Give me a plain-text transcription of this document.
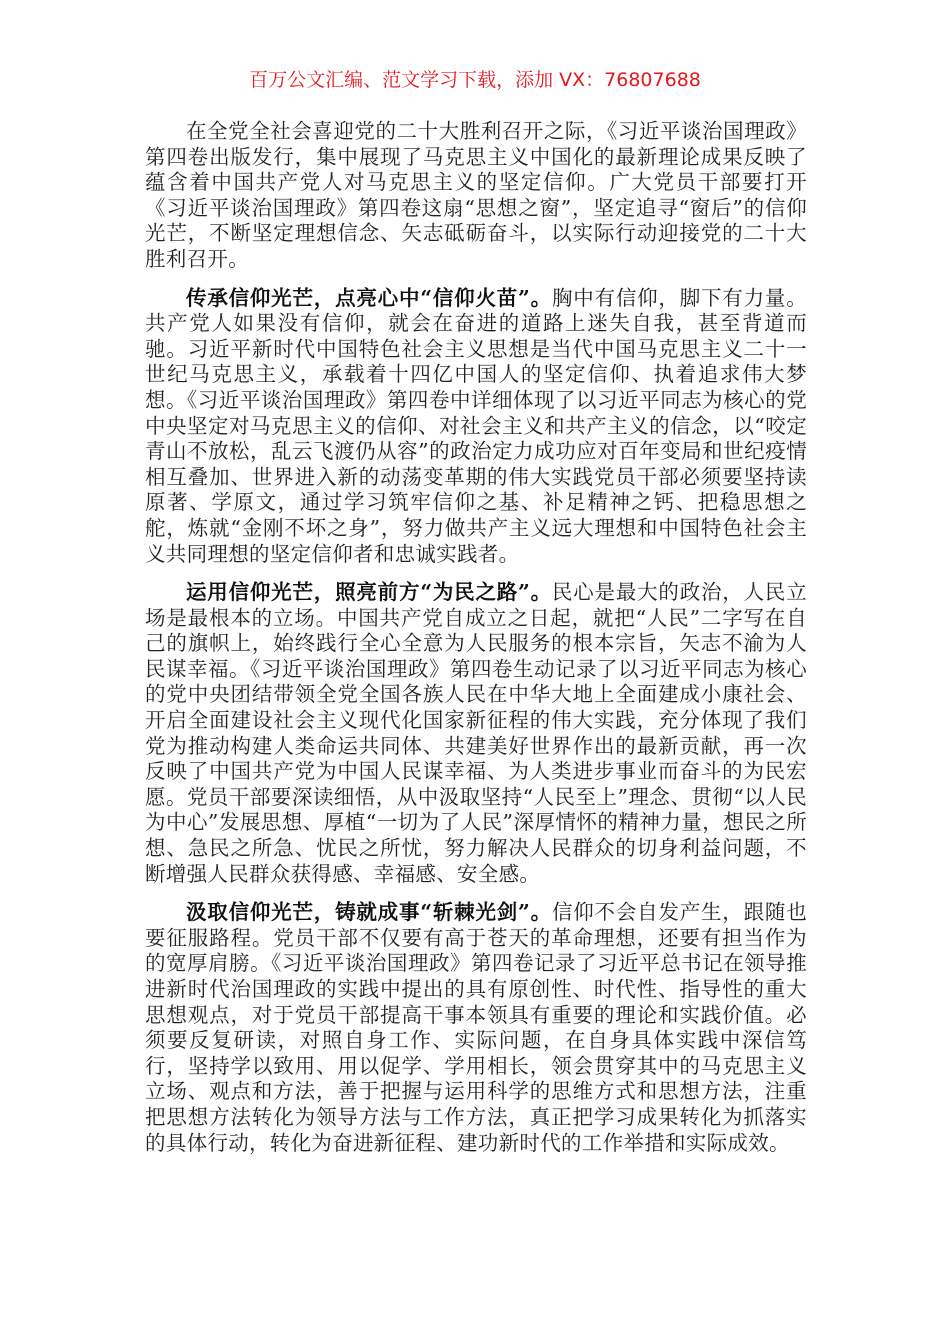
百万公文汇编、范文学习下载，添加 VX：76807688

在全党全社会喜迎党的二十大胜利召开之际，《习近平谈治国理政》第四卷出版发行，集中展现了马克思主义中国化的最新理论成果反映了蕴含着中国共产党人对马克思主义的坚定信仰。广大党员干部要打开《习近平谈治国理政》第四卷这扇“思想之窗”，坚定追寻“窗后”的信仰光芒，不断坚定理想信念、矢志砥砺奋斗，以实际行动迎接党的二十大胜利召开。

传承信仰光芒，点亮心中“信仰火苗”。胸中有信仰，脚下有力量。共产党人如果没有信仰，就会在奋进的道路上迷失自我，甚至背道而驰。习近平新时代中国特色社会主义思想是当代中国马克思主义二十一世纪马克思主义，承载着十四亿中国人的坚定信仰、执着追求伟大梦想。《习近平谈治国理政》第四卷中详细体现了以习近平同志为核心的党中央坚定对马克思主义的信仰、对社会主义和共产主义的信念，以“咬定青山不放松，乱云飞渡仍从容”的政治定力成功应对百年变局和世纪疫情相互叠加、世界进入新的动荡变革期的伟大实践党员干部必须要坚持读原著、学原文，通过学习筑牢信仰之基、补足精神之钙、把稳思想之舵，炼就“金刚不坏之身”，努力做共产主义远大理想和中国特色社会主义共同理想的坚定信仰者和忠诚实践者。

运用信仰光芒，照亮前方“为民之路”。民心是最大的政治，人民立场是最根本的立场。中国共产党自成立之日起，就把“人民”二字写在自己的旗帜上，始终践行全心全意为人民服务的根本宗旨，矢志不渝为人民谋幸福。《习近平谈治国理政》第四卷生动记录了以习近平同志为核心的党中央团结带领全党全国各族人民在中华大地上全面建成小康社会、开启全面建设社会主义现代化国家新征程的伟大实践，充分体现了我们党为推动构建人类命运共同体、共建美好世界作出的最新贡献，再一次反映了中国共产党为中国人民谋幸福、为人类进步事业而奋斗的为民宏愿。党员干部要深读细悟，从中汲取坚持“人民至上”理念、贯彻“以人民为中心”发展思想、厚植“一切为了人民”深厚情怀的精神力量，想民之所想、急民之所急、忧民之所忧，努力解决人民群众的切身利益问题，不断增强人民群众获得感、幸福感、安全感。

汲取信仰光芒，铸就成事“斩棘光剑”。信仰不会自发产生，跟随也要征服路程。党员干部不仅要有高于苍天的革命理想，还要有担当作为的宽厚肩膀。《习近平谈治国理政》第四卷记录了习近平总书记在领导推进新时代治国理政的实践中提出的具有原创性、时代性、指导性的重大思想观点，对于党员干部提高干事本领具有重要的理论和实践价值。必须要反复研读，对照自身工作、实际问题，在自身具体实践中深信笃行，坚持学以致用、用以促学、学用相长，领会贯穿其中的马克思主义立场、观点和方法，善于把握与运用科学的思维方式和思想方法，注重把思想方法转化为领导方法与工作方法，真正把学习成果转化为抓落实的具体行动，转化为奋进新征程、建功新时代的工作举措和实际成效。
